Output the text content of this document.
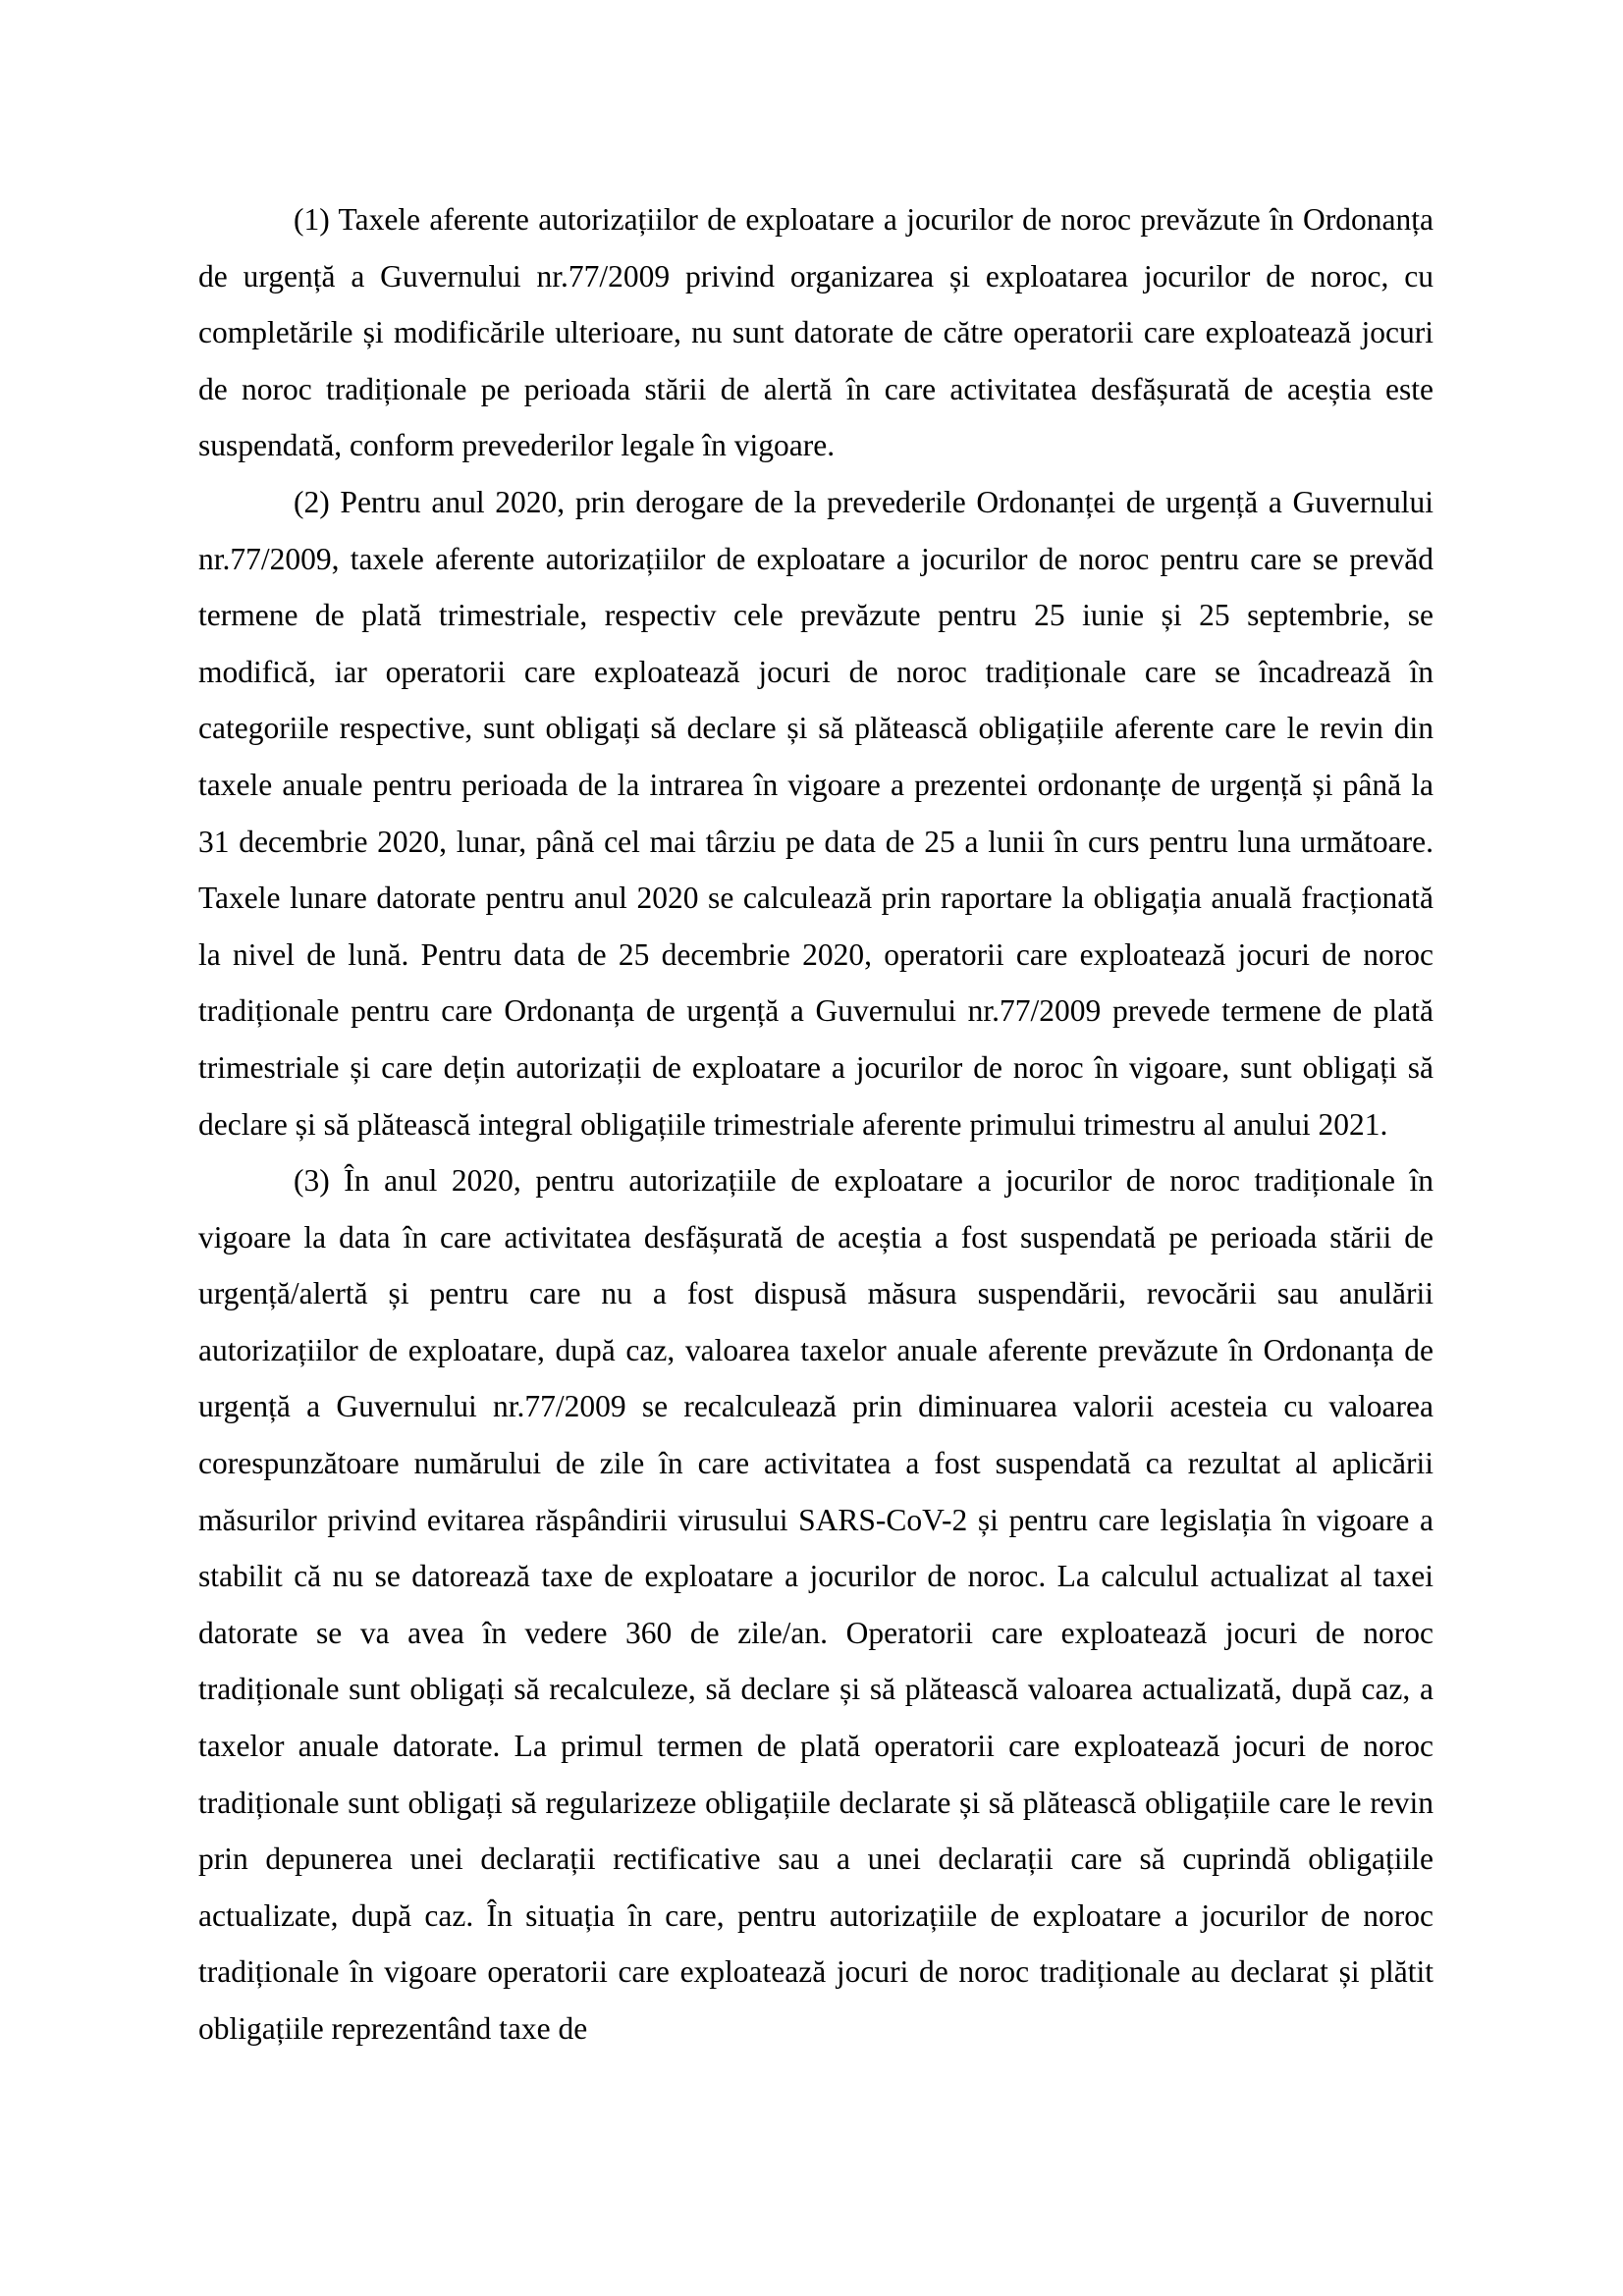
(1) Taxele aferente autorizațiilor de exploatare a jocurilor de noroc prevăzute în Ordonanța de urgență a Guvernului nr.77/2009 privind organizarea și exploatarea jocurilor de noroc, cu completările și modificările ulterioare, nu sunt datorate de către operatorii care exploatează jocuri de noroc tradiționale pe perioada stării de alertă în care activitatea desfășurată de aceștia este suspendată, conform prevederilor legale în vigoare.

(2) Pentru anul 2020, prin derogare de la prevederile Ordonanței de urgență a Guvernului nr.77/2009, taxele aferente autorizațiilor de exploatare a jocurilor de noroc pentru care se prevăd termene de plată trimestriale, respectiv cele prevăzute pentru 25 iunie și 25 septembrie, se modifică, iar operatorii care exploatează jocuri de noroc tradiționale care se încadrează în categoriile respective, sunt obligați să declare și să plătească obligațiile aferente care le revin din taxele anuale pentru perioada de la intrarea în vigoare a prezentei ordonanțe de urgență și până la 31 decembrie 2020, lunar, până cel mai târziu pe data de 25 a lunii în curs pentru luna următoare. Taxele lunare datorate pentru anul 2020 se calculează prin raportare la obligația anuală fracționată la nivel de lună. Pentru data de 25 decembrie 2020, operatorii care exploatează jocuri de noroc tradiționale pentru care Ordonanța de urgență a Guvernului nr.77/2009 prevede termene de plată trimestriale și care dețin autorizații de exploatare a jocurilor de noroc în vigoare, sunt obligați să declare și să plătească integral obligațiile trimestriale aferente primului trimestru al anului 2021.

(3) În anul 2020, pentru autorizațiile de exploatare a jocurilor de noroc tradiționale în vigoare la data în care activitatea desfășurată de aceștia a fost suspendată pe perioada stării de urgență/alertă și pentru care nu a fost dispusă măsura suspendării, revocării sau anulării autorizațiilor de exploatare, după caz, valoarea taxelor anuale aferente prevăzute în Ordonanța de urgență a Guvernului nr.77/2009 se recalculează prin diminuarea valorii acesteia cu valoarea corespunzătoare numărului de zile în care activitatea a fost suspendată ca rezultat al aplicării măsurilor privind evitarea răspândirii virusului SARS-CoV-2 și pentru care legislația în vigoare a stabilit că nu se datorează taxe de exploatare a jocurilor de noroc. La calculul actualizat al taxei datorate se va avea în vedere 360 de zile/an. Operatorii care exploatează jocuri de noroc tradiționale sunt obligați să recalculeze, să declare și să plătească valoarea actualizată, după caz, a taxelor anuale datorate. La primul termen de plată operatorii care exploatează jocuri de noroc tradiționale sunt obligați să regularizeze obligațiile declarate și să plătească obligațiile care le revin prin depunerea unei declarații rectificative sau a unei declarații care să cuprindă obligațiile actualizate, după caz. În situația în care, pentru autorizațiile de exploatare a jocurilor de noroc tradiționale în vigoare operatorii care exploatează jocuri de noroc tradiționale au declarat și plătit obligațiile reprezentând taxe de
